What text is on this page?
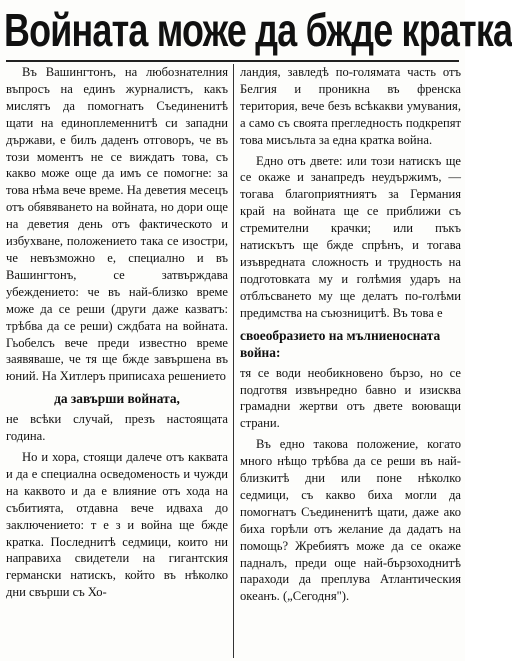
Войната може да бжде кратка

Въ Вашингтонъ, на любознателния въпросъ на единъ журналистъ, какъ мислятъ да помогнатъ Съединенитѣ щати на единоплеменнитѣ си западни държави, е билъ даденъ отговоръ, че въ този моментъ не се виждатъ това, съ какво може още да имъ се помогне: за това нѣма вече време. На деветия месецъ отъ обявяването на войната, но дори още на деветия день отъ фактическото и избухване, положението така се изостри, че невъзможно е, специално и въ Вашингтонъ, се затвърждава убеждението: че въ най-близко време може да се реши (други даже казватъ: трѣбва да се реши) сждбата на войната. Гьобелсъ вече преди известно време заявявашe, че тя ще бжде завършена въ юний. На Хитлеръ приписаха решението

да завърши войната,

не всѣки случай, презъ настоящата година.

Но и хора, стоящи далече отъ каквата и да е специална осведоменость и чужди на каквото и да е влияние отъ хода на събитията, отдавна вече идваха до заключението: т е з и войнa ще бжде кратка. Последнитѣ седмици, които ни направиха свидетели на гигантския германски натискъ, който въ нѣколко дни свърши съ Хо-

ландия, завледѣ по-голямата часть отъ Белгия и проникна въ френска територия, вече безъ всѣкакви умувания, а само съ своята прегледность подкрепят това мисъльта за една кратка война.

Едно отъ двете: или този натискъ ще се окаже и занапредъ неудържимъ, — тогава благоприятниятъ за Германия край на войната ще се приближи съ стремителни крачки; или пъкъ натискътъ ще бжде спрѣнъ, и тогава изъвредната сложность и трудность на подготовката му и голѣмия ударъ на отблъсването му ще делатъ по-голѣми предимства на съюзницитѣ. Въ това е

своеобразието на мълниеносната война:

тя се води необикновено бързо, но се подготвя извънредно бавно и изисква грамадни жертви отъ двете воюващи страни.

Въ едно такова положение, когато много нѣщо трѣбва да се реши въ най-близкитѣ дни или поне нѣколко седмици, съ какво биха могли да помогнатъ Съединенитѣ щати, даже ако биха горѣли отъ желание да дадатъ на помощь? Жребиятъ може да се окаже падналъ, преди още най-бързоходнитѣ параходи да преплува Атлантическия океанъ. („Сегодня").
